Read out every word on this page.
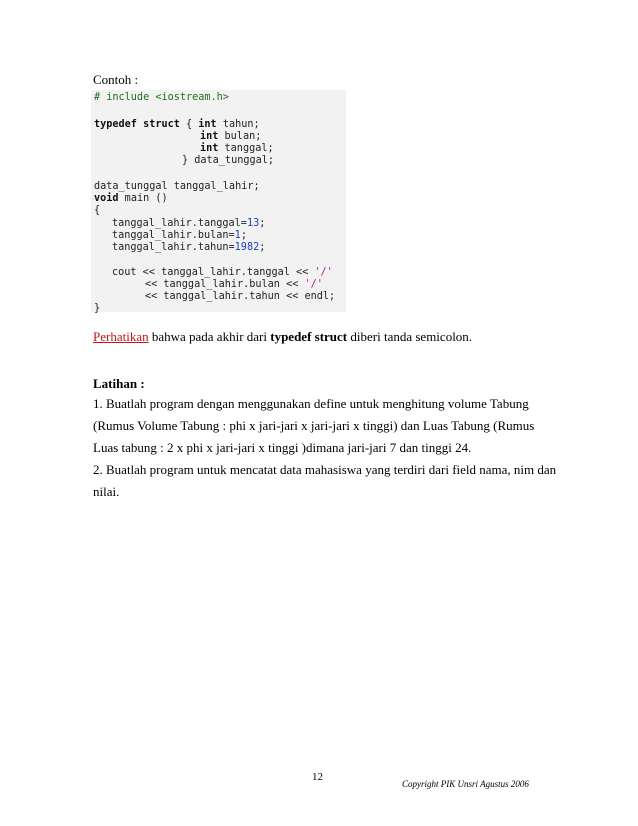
Contoh :
# include <iostream.h>
typedef struct { int tahun;
int bulan;
int tanggal;
} data_tunggal;
data_tunggal tanggal_lahir;
void main ()
{
tanggal_lahir.tanggal=13;
tanggal_lahir.bulan=1;
tanggal_lahir.tahun=1982;
cout << tanggal_lahir.tanggal << '/'
<< tanggal_lahir.bulan << '/'
<< tanggal_lahir.tahun << endl;
}
Perhatikan bahwa pada akhir dari typedef struct diberi tanda semicolon.
Latihan :
1. Buatlah program dengan menggunakan define untuk menghitung volume Tabung
(Rumus Volume Tabung : phi x jari-jari x jari-jari x tinggi) dan Luas Tabung (Rumus
Luas tabung : 2 x phi x jari-jari x tinggi )dimana jari-jari 7 dan tinggi 24.
2. Buatlah program untuk mencatat data mahasiswa yang terdiri dari field nama, nim dan
nilai.
12
Copyright PIK Unsri Agustus 2006
